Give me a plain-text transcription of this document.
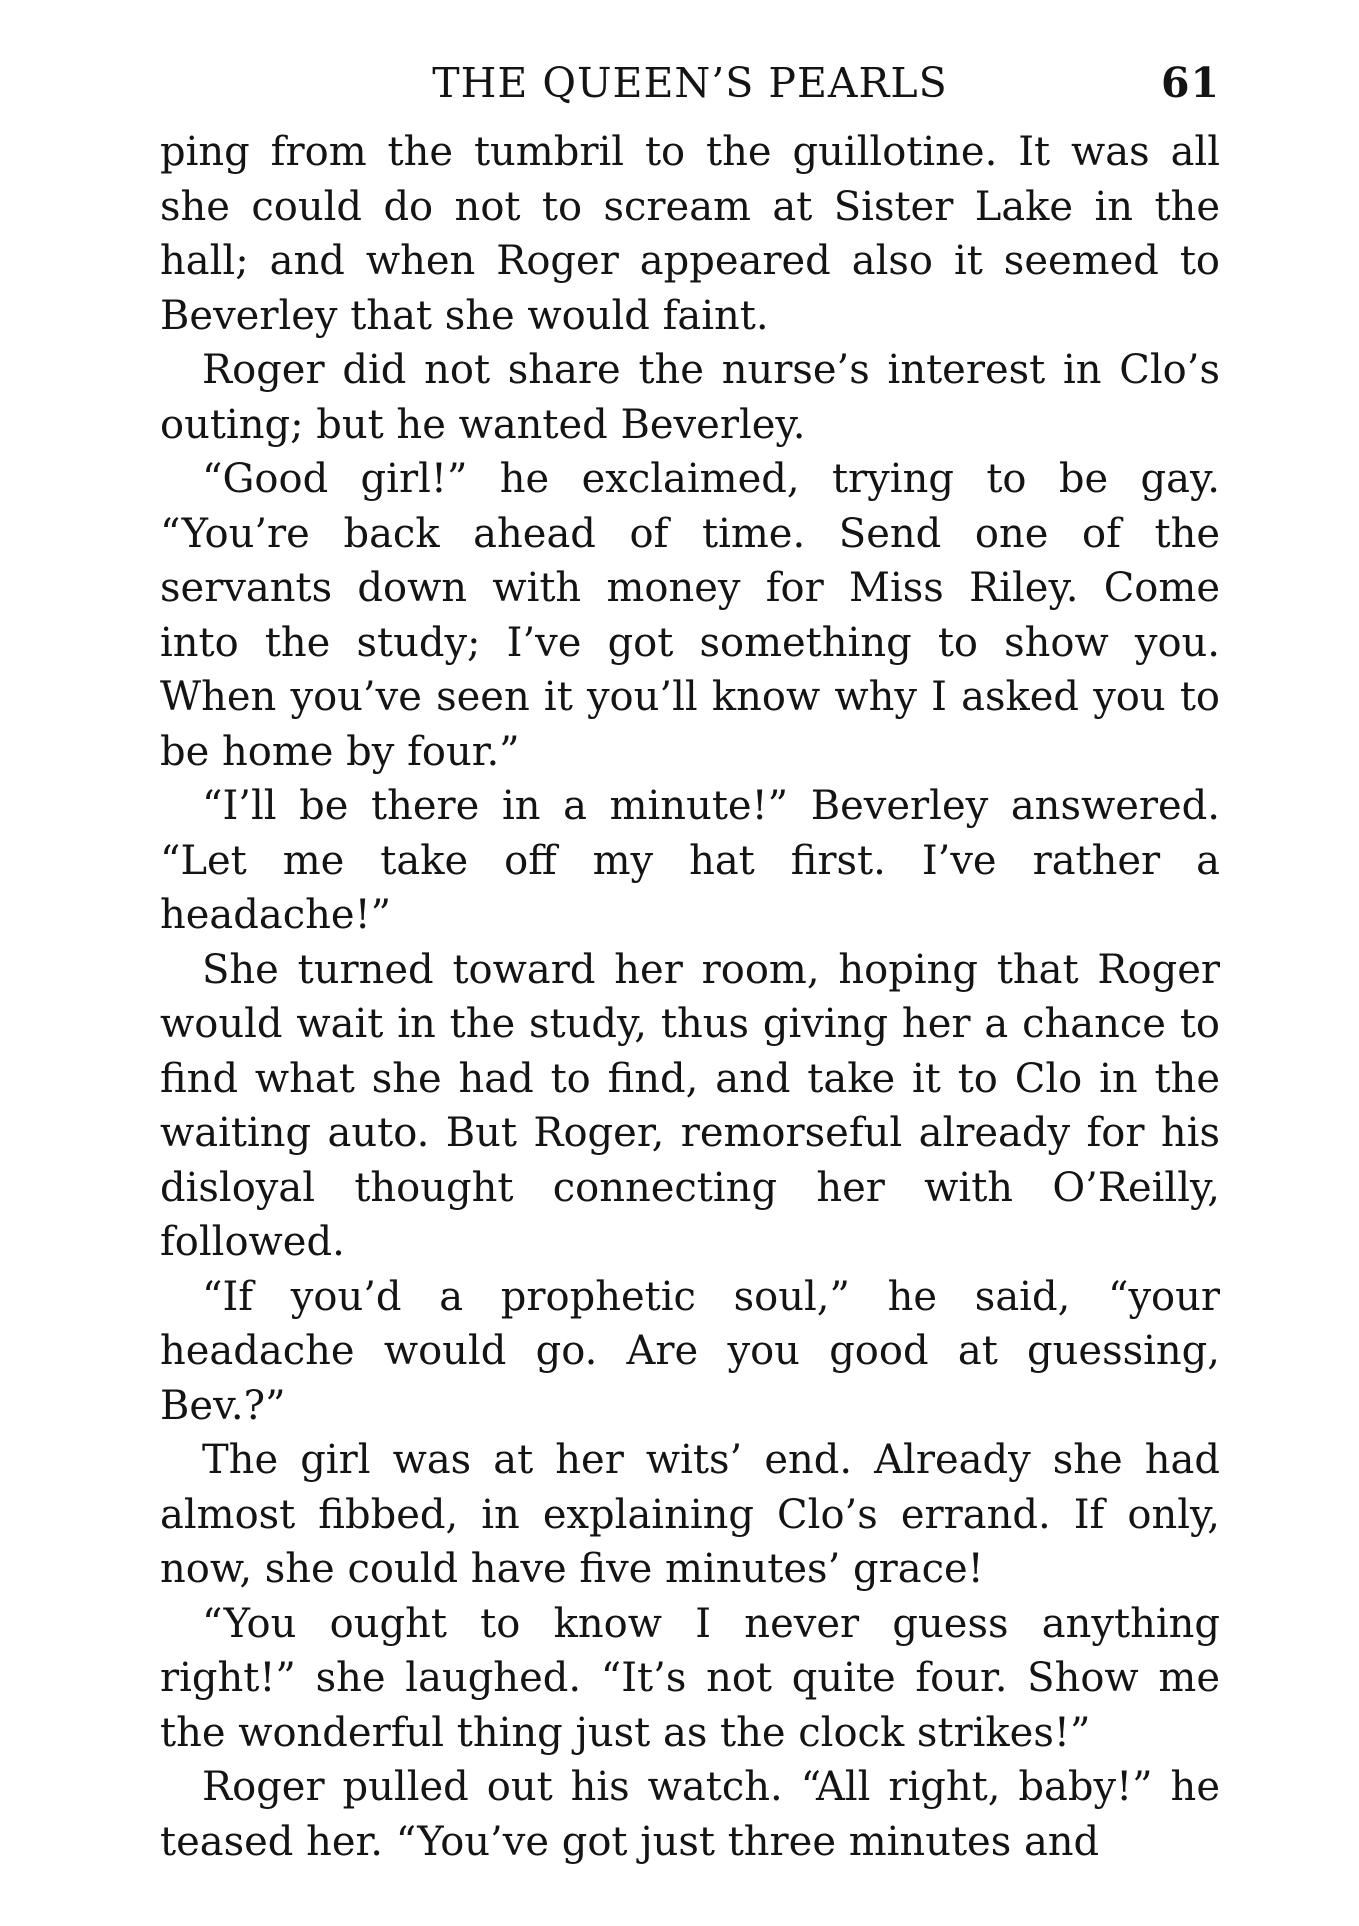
THE QUEEN’S PEARLS	61

ping from the tumbril to the guillotine. It was all she could do not to scream at Sister Lake in the hall; and when Roger appeared also it seemed to Beverley that she would faint.

Roger did not share the nurse’s interest in Clo’s outing; but he wanted Beverley.

“Good girl!” he exclaimed, trying to be gay. “You’re back ahead of time. Send one of the servants down with money for Miss Riley. Come into the study; I’ve got something to show you. When you’ve seen it you’ll know why I asked you to be home by four.”

“I’ll be there in a minute!” Beverley answered. “Let me take off my hat first. I’ve rather a headache!”

She turned toward her room, hoping that Roger would wait in the study, thus giving her a chance to find what she had to find, and take it to Clo in the waiting auto. But Roger, remorseful already for his disloyal thought connecting her with O’Reilly, followed.

“If you’d a prophetic soul,” he said, “your headache would go. Are you good at guessing, Bev.?”

The girl was at her wits’ end. Already she had almost fibbed, in explaining Clo’s errand. If only, now, she could have five minutes’ grace!

“You ought to know I never guess anything right!” she laughed. “It’s not quite four. Show me the wonderful thing just as the clock strikes!”

Roger pulled out his watch. “All right, baby!” he teased her. “You’ve got just three minutes and
